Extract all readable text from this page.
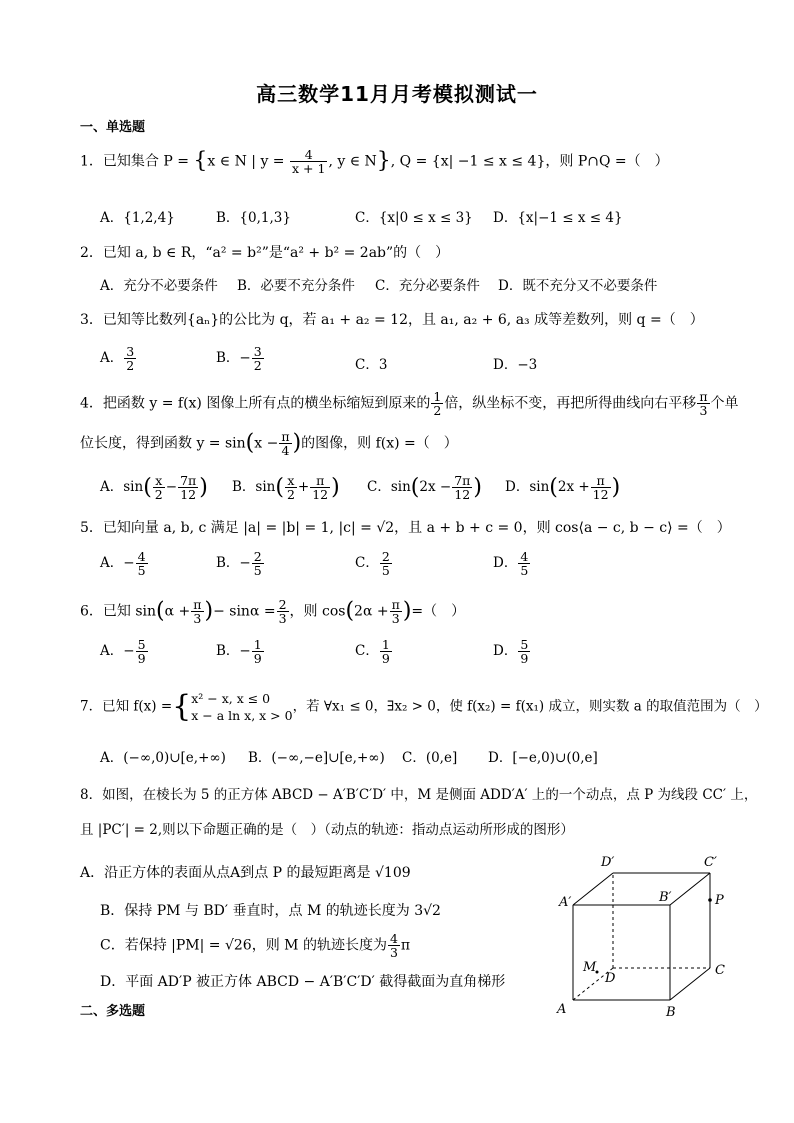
高三数学11月月考模拟测试一
一、单选题
1．已知集合 P = {x ∈ N | $y = \frac{4}{x + 1}$ , y ∈ N}, Q = {x| −1 ≤ x ≤ 4}，则 P∩Q =（　）
A．{1,2,4}	B．{0,1,3}	C．{x|0 ≤ x ≤ 3} D．{x|−1 ≤ x ≤ 4}
2．已知 a, b ∈ R，“a² = b²”是“a² + b² = 2ab”的（　）
A．充分不必要条件 B．必要不充分条件 C．充分必要条件 D．既不充分又不必要条件
3．已知等比数列{aₙ}的公比为 q，若 a₁ + a₂ = 12，且 a₁, a₂ + 6, a₃ 成等差数列，则 q =（　）
A． $\frac{3}{2}$	B．− $\frac{3}{2}$	C．3	D．−3
4．把函数 y = f(x) 图像上所有点的横坐标缩短到原来的 $\frac{1}{2}$ 倍，纵坐标不变，再把所得曲线向右平移 $\frac{\pi}{3}$ 个单
位长度，得到函数 $y = \sin(x - \frac{\pi}{4}$ )的图像，则 f(x) =（　）
A．$\sin( \frac{x}{2} - \frac{7\pi}{12}$ ) B．$\sin( \frac{x}{2} + \frac{\pi}{12}$ ) C．$\sin(2x - \frac{7\pi}{12}$ ) D．$\sin(2x + \frac{\pi}{12}$ )
5．已知向量 a, b, c 满足 |a| = |b| = 1, |c| = √2，且 a + b + c = 0，则 cos⟨a − c, b − c⟩ =（　）
A．− $\frac{4}{5}$	B．− $\frac{2}{5}$	C． $\frac{2}{5}$	D． $\frac{4}{5}$
6．已知 $\sin(\alpha + \frac{\pi}{3}$ )− $\sin\alpha = \frac{2}{3}$ ，则 $\cos(2\alpha + \frac{\pi}{3}$ )=（　）
A．− $\frac{5}{9}$	B．− $\frac{1}{9}$	C． $\frac{1}{9}$	D． $\frac{5}{9}$
7．已知 f(x) ={ x² − x, x ≤ 0
x − a ln x, x > 0
，若 ∀x₁ ≤ 0，∃x₂ > 0，使 f(x₂) = f(x₁) 成立，则实数 a 的取值范围为（　）
A．(−∞,0)∪[e,+∞) B．(−∞,−e]∪[e,+∞) C．(0,e] D．[−e,0)∪(0,e]
8．如图，在棱长为 5 的正方体 ABCD − A′B′C′D′ 中，M 是侧面 ADD′A′ 上的一个动点，点 P 为线段 CC′ 上，
且 |PC′| = 2,则以下命题正确的是（　）（动点的轨迹：指动点运动所形成的图形）
A．沿正方体的表面从点A到点 P 的最短距离是 √109
B．保持 PM 与 BD′ 垂直时，点 M 的轨迹长度为 3√2
C．若保持 |PM| = √26，则 M 的轨迹长度为 $\frac{4}{3}$ π
D．平面 AD′P 被正方体 ABCD − A′B′C′D′ 截得截面为直角梯形
二、多选题	A	B
C
D
A′	B′
C′
D′
M
P
